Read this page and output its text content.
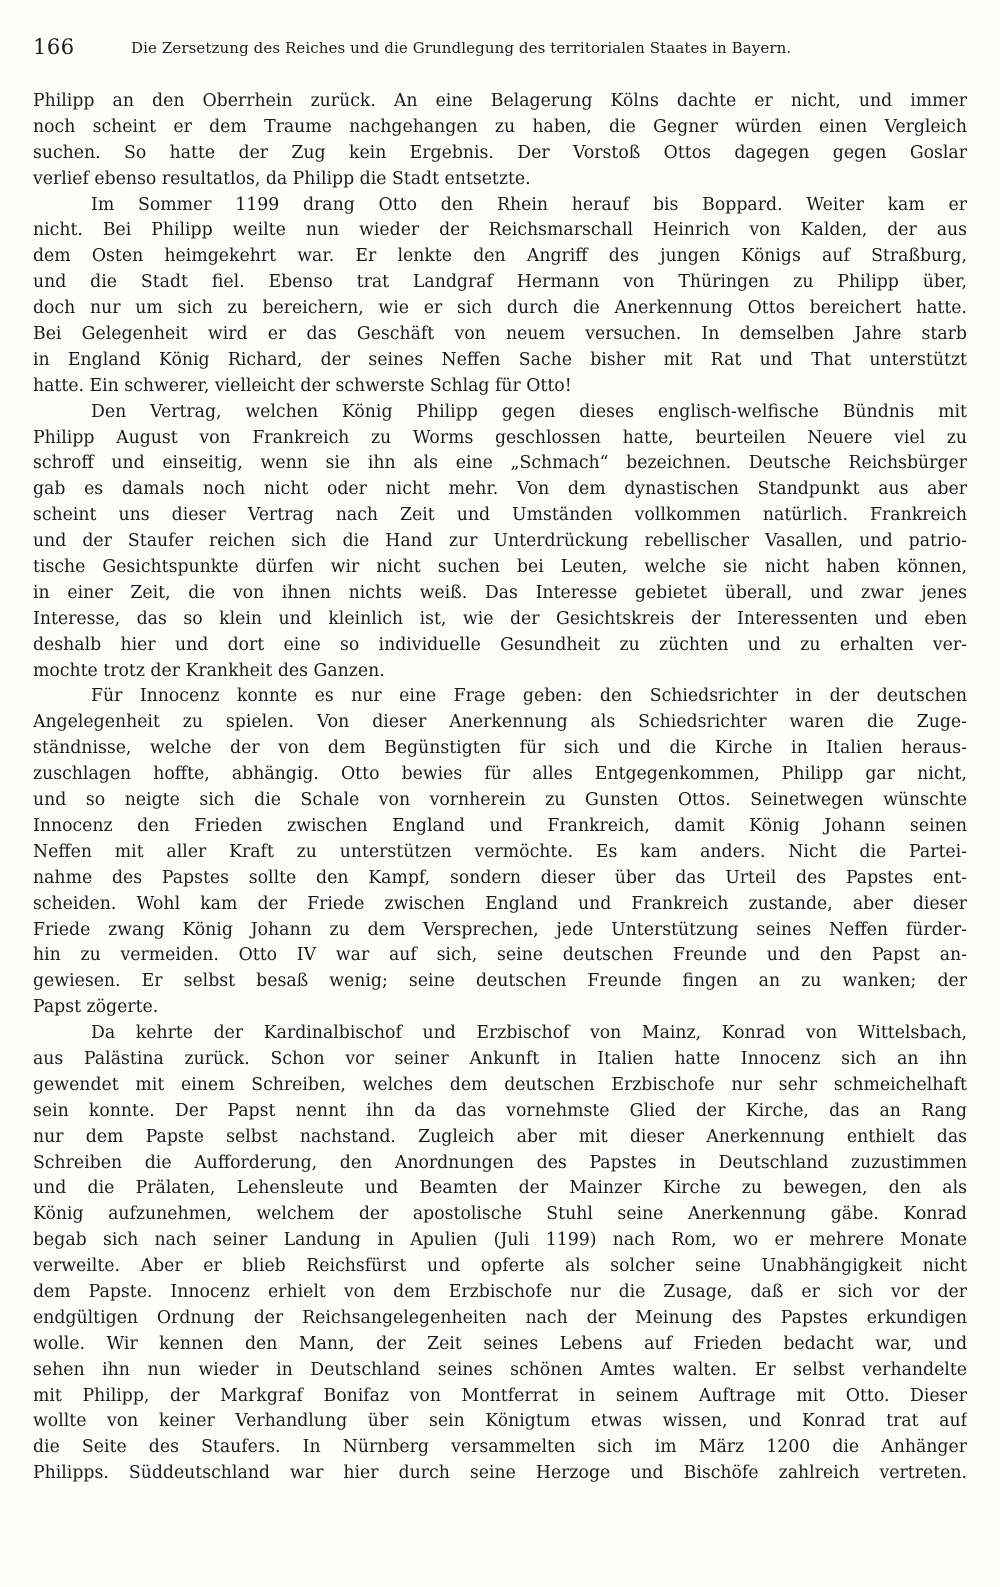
166	Die Zersetzung des Reiches und die Grundlegung des territorialen Staates in Bayern.
Philipp an den Oberrhein zurück. An eine Belagerung Kölns dachte er nicht, und immer
noch scheint er dem Traume nachgehangen zu haben, die Gegner würden einen Vergleich
suchen. So hatte der Zug kein Ergebnis. Der Vorstoß Ottos dagegen gegen Goslar
verlief ebenso resultatlos, da Philipp die Stadt entsetzte.
Im Sommer 1199 drang Otto den Rhein herauf bis Boppard. Weiter kam er
nicht. Bei Philipp weilte nun wieder der Reichsmarschall Heinrich von Kalden, der aus
dem Osten heimgekehrt war. Er lenkte den Angriff des jungen Königs auf Straßburg,
und die Stadt fiel. Ebenso trat Landgraf Hermann von Thüringen zu Philipp über,
doch nur um sich zu bereichern, wie er sich durch die Anerkennung Ottos bereichert hatte.
Bei Gelegenheit wird er das Geschäft von neuem versuchen. In demselben Jahre starb
in England König Richard, der seines Neffen Sache bisher mit Rat und That unterstützt
hatte. Ein schwerer, vielleicht der schwerste Schlag für Otto!
Den Vertrag, welchen König Philipp gegen dieses englisch-welfische Bündnis mit
Philipp August von Frankreich zu Worms geschlossen hatte, beurteilen Neuere viel zu
schroff und einseitig, wenn sie ihn als eine „Schmach“ bezeichnen. Deutsche Reichsbürger
gab es damals noch nicht oder nicht mehr. Von dem dynastischen Standpunkt aus aber
scheint uns dieser Vertrag nach Zeit und Umständen vollkommen natürlich. Frankreich
und der Staufer reichen sich die Hand zur Unterdrückung rebellischer Vasallen, und patrio-
tische Gesichtspunkte dürfen wir nicht suchen bei Leuten, welche sie nicht haben können,
in einer Zeit, die von ihnen nichts weiß. Das Interesse gebietet überall, und zwar jenes
Interesse, das so klein und kleinlich ist, wie der Gesichtskreis der Interessenten und eben
deshalb hier und dort eine so individuelle Gesundheit zu züchten und zu erhalten ver-
mochte trotz der Krankheit des Ganzen.
Für Innocenz konnte es nur eine Frage geben: den Schiedsrichter in der deutschen
Angelegenheit zu spielen. Von dieser Anerkennung als Schiedsrichter waren die Zuge-
ständnisse, welche der von dem Begünstigten für sich und die Kirche in Italien heraus-
zuschlagen hoffte, abhängig. Otto bewies für alles Entgegenkommen, Philipp gar nicht,
und so neigte sich die Schale von vornherein zu Gunsten Ottos. Seinetwegen wünschte
Innocenz den Frieden zwischen England und Frankreich, damit König Johann seinen
Neffen mit aller Kraft zu unterstützen vermöchte. Es kam anders. Nicht die Partei-
nahme des Papstes sollte den Kampf, sondern dieser über das Urteil des Papstes ent-
scheiden. Wohl kam der Friede zwischen England und Frankreich zustande, aber dieser
Friede zwang König Johann zu dem Versprechen, jede Unterstützung seines Neffen fürder-
hin zu vermeiden. Otto IV war auf sich, seine deutschen Freunde und den Papst an-
gewiesen. Er selbst besaß wenig; seine deutschen Freunde fingen an zu wanken; der
Papst zögerte.
Da kehrte der Kardinalbischof und Erzbischof von Mainz, Konrad von Wittelsbach,
aus Palästina zurück. Schon vor seiner Ankunft in Italien hatte Innocenz sich an ihn
gewendet mit einem Schreiben, welches dem deutschen Erzbischofe nur sehr schmeichelhaft
sein konnte. Der Papst nennt ihn da das vornehmste Glied der Kirche, das an Rang
nur dem Papste selbst nachstand. Zugleich aber mit dieser Anerkennung enthielt das
Schreiben die Aufforderung, den Anordnungen des Papstes in Deutschland zuzustimmen
und die Prälaten, Lehensleute und Beamten der Mainzer Kirche zu bewegen, den als
König aufzunehmen, welchem der apostolische Stuhl seine Anerkennung gäbe. Konrad
begab sich nach seiner Landung in Apulien (Juli 1199) nach Rom, wo er mehrere Monate
verweilte. Aber er blieb Reichsfürst und opferte als solcher seine Unabhängigkeit nicht
dem Papste. Innocenz erhielt von dem Erzbischofe nur die Zusage, daß er sich vor der
endgültigen Ordnung der Reichsangelegenheiten nach der Meinung des Papstes erkundigen
wolle. Wir kennen den Mann, der Zeit seines Lebens auf Frieden bedacht war, und
sehen ihn nun wieder in Deutschland seines schönen Amtes walten. Er selbst verhandelte
mit Philipp, der Markgraf Bonifaz von Montferrat in seinem Auftrage mit Otto. Dieser
wollte von keiner Verhandlung über sein Königtum etwas wissen, und Konrad trat auf
die Seite des Staufers. In Nürnberg versammelten sich im März 1200 die Anhänger
Philipps. Süddeutschland war hier durch seine Herzoge und Bischöfe zahlreich vertreten.
